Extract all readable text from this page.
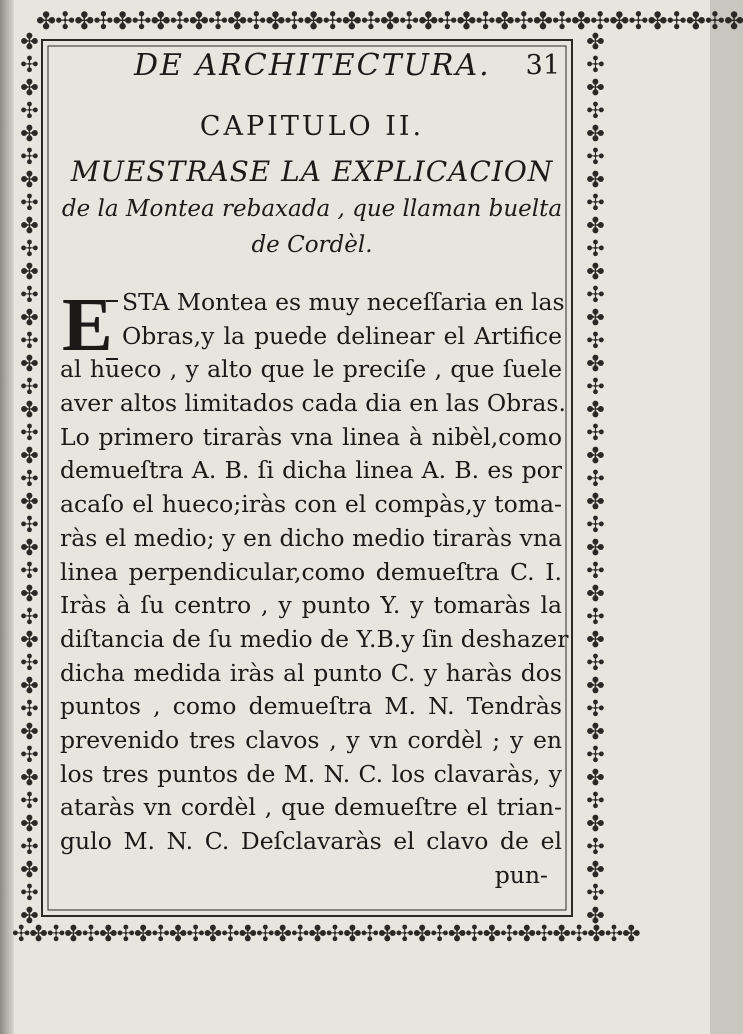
✤✣✤✣✤✣✤✣✤✣✤✣✤✣✤✣✤✣✤✣✤✣✤✣✤✣✤✣✤✣✤✣✤✣✤✣✤
✣✤✣✤✣✤✣✤✣✤✣✤✣✤✣✤✣✤✣✤✣✤✣✤✣✤✣✤✣✤✣✤✣✤✣✤
✤✣✤✣✤✣✤✣✤✣✤✣✤✣✤✣✤✣✤✣✤✣✤✣✤✣✤✣✤✣✤✣✤✣✤✣✤✣✤	✤✣✤✣✤✣✤✣✤✣✤✣✤✣✤✣✤✣✤✣✤✣✤✣✤✣✤✣✤✣✤✣✤✣✤✣✤✣✤
DE ARCHITECTURA. 31
CAPITULO II.
MUESTRASE LA EXPLICACION
de la Montea rebaxada , que llaman buelta
de Cordèl.
E STA Montea es muy neceſſaria en las
Obras,y la puede delinear el Artifice
al hueco , y alto que le preciſe , que ſuele
aver altos limitados cada dia en las Obras.
Lo primero tiraràs vna linea à nibèl,como
demueſtra A. B. ſi dicha linea A. B. es por
acaſo el hueco;iràs con el compàs,y toma-
ràs el medio; y en dicho medio tiraràs vna
linea perpendicular,como demueſtra C. I.
Iràs à ſu centro , y punto Y. y tomaràs la
diſtancia de ſu medio de Y.B.y ſin deshazer
dicha medida iràs al punto C. y haràs dos
puntos , como demueſtra M. N. Tendràs
prevenido tres clavos , y vn cordèl ; y en
los tres puntos de M. N. C. los clavaràs, y
ataràs vn cordèl , que demueſtre el trian-
gulo M. N. C. Deſclavaràs el clavo de el
pun-
